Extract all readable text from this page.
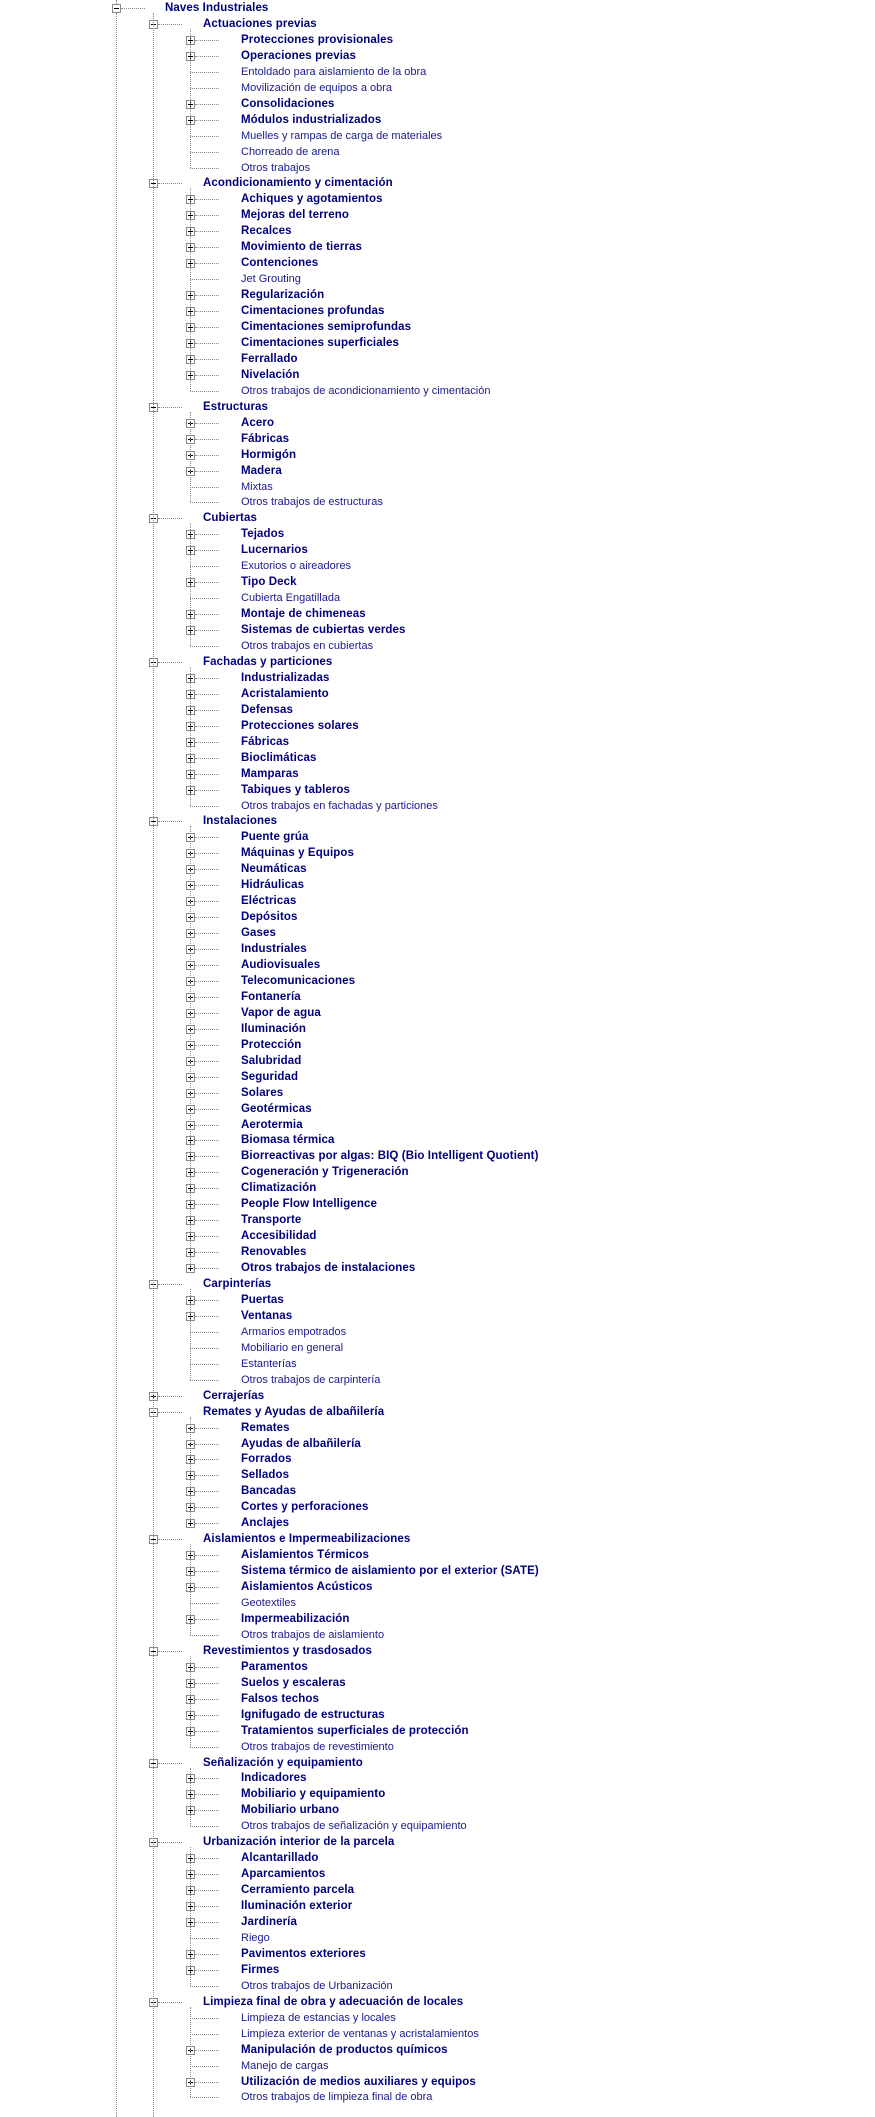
Naves Industriales
Actuaciones previas
Protecciones provisionales
Operaciones previas
Entoldado para aislamiento de la obra
Movilización de equipos a obra
Consolidaciones
Módulos industrializados
Muelles y rampas de carga de materiales
Chorreado de arena
Otros trabajos
Acondicionamiento y cimentación
Achiques y agotamientos
Mejoras del terreno
Recalces
Movimiento de tierras
Contenciones
Jet Grouting
Regularización
Cimentaciones profundas
Cimentaciones semiprofundas
Cimentaciones superficiales
Ferrallado
Nivelación
Otros trabajos de acondicionamiento y cimentación
Estructuras
Acero
Fábricas
Hormigón
Madera
Mixtas
Otros trabajos de estructuras
Cubiertas
Tejados
Lucernarios
Exutorios o aireadores
Tipo Deck
Cubierta Engatillada
Montaje de chimeneas
Sistemas de cubiertas verdes
Otros trabajos en cubiertas
Fachadas y particiones
Industrializadas
Acristalamiento
Defensas
Protecciones solares
Fábricas
Bioclimáticas
Mamparas
Tabiques y tableros
Otros trabajos en fachadas y particiones
Instalaciones
Puente grúa
Máquinas y Equipos
Neumáticas
Hidráulicas
Eléctricas
Depósitos
Gases
Industriales
Audiovisuales
Telecomunicaciones
Fontanería
Vapor de agua
Iluminación
Protección
Salubridad
Seguridad
Solares
Geotérmicas
Aerotermia
Biomasa térmica
Biorreactivas por algas: BIQ (Bio Intelligent Quotient)
Cogeneración y Trigeneración
Climatización
People Flow Intelligence
Transporte
Accesibilidad
Renovables
Otros trabajos de instalaciones
Carpinterías
Puertas
Ventanas
Armarios empotrados
Mobiliario en general
Estanterías
Otros trabajos de carpintería
Cerrajerías
Remates y Ayudas de albañilería
Remates
Ayudas de albañilería
Forrados
Sellados
Bancadas
Cortes y perforaciones
Anclajes
Aislamientos e Impermeabilizaciones
Aislamientos Térmicos
Sistema térmico de aislamiento por el exterior (SATE)
Aislamientos Acústicos
Geotextiles
Impermeabilización
Otros trabajos de aislamiento
Revestimientos y trasdosados
Paramentos
Suelos y escaleras
Falsos techos
Ignifugado de estructuras
Tratamientos superficiales de protección
Otros trabajos de revestimiento
Señalización y equipamiento
Indicadores
Mobiliario y equipamiento
Mobiliario urbano
Otros trabajos de señalización y equipamiento
Urbanización interior de la parcela
Alcantarillado
Aparcamientos
Cerramiento parcela
Iluminación exterior
Jardinería
Riego
Pavimentos exteriores
Firmes
Otros trabajos de Urbanización
Limpieza final de obra y adecuación de locales
Limpieza de estancias y locales
Limpieza exterior de ventanas y acristalamientos
Manipulación de productos químicos
Manejo de cargas
Utilización de medios auxiliares y equipos
Otros trabajos de limpieza final de obra
